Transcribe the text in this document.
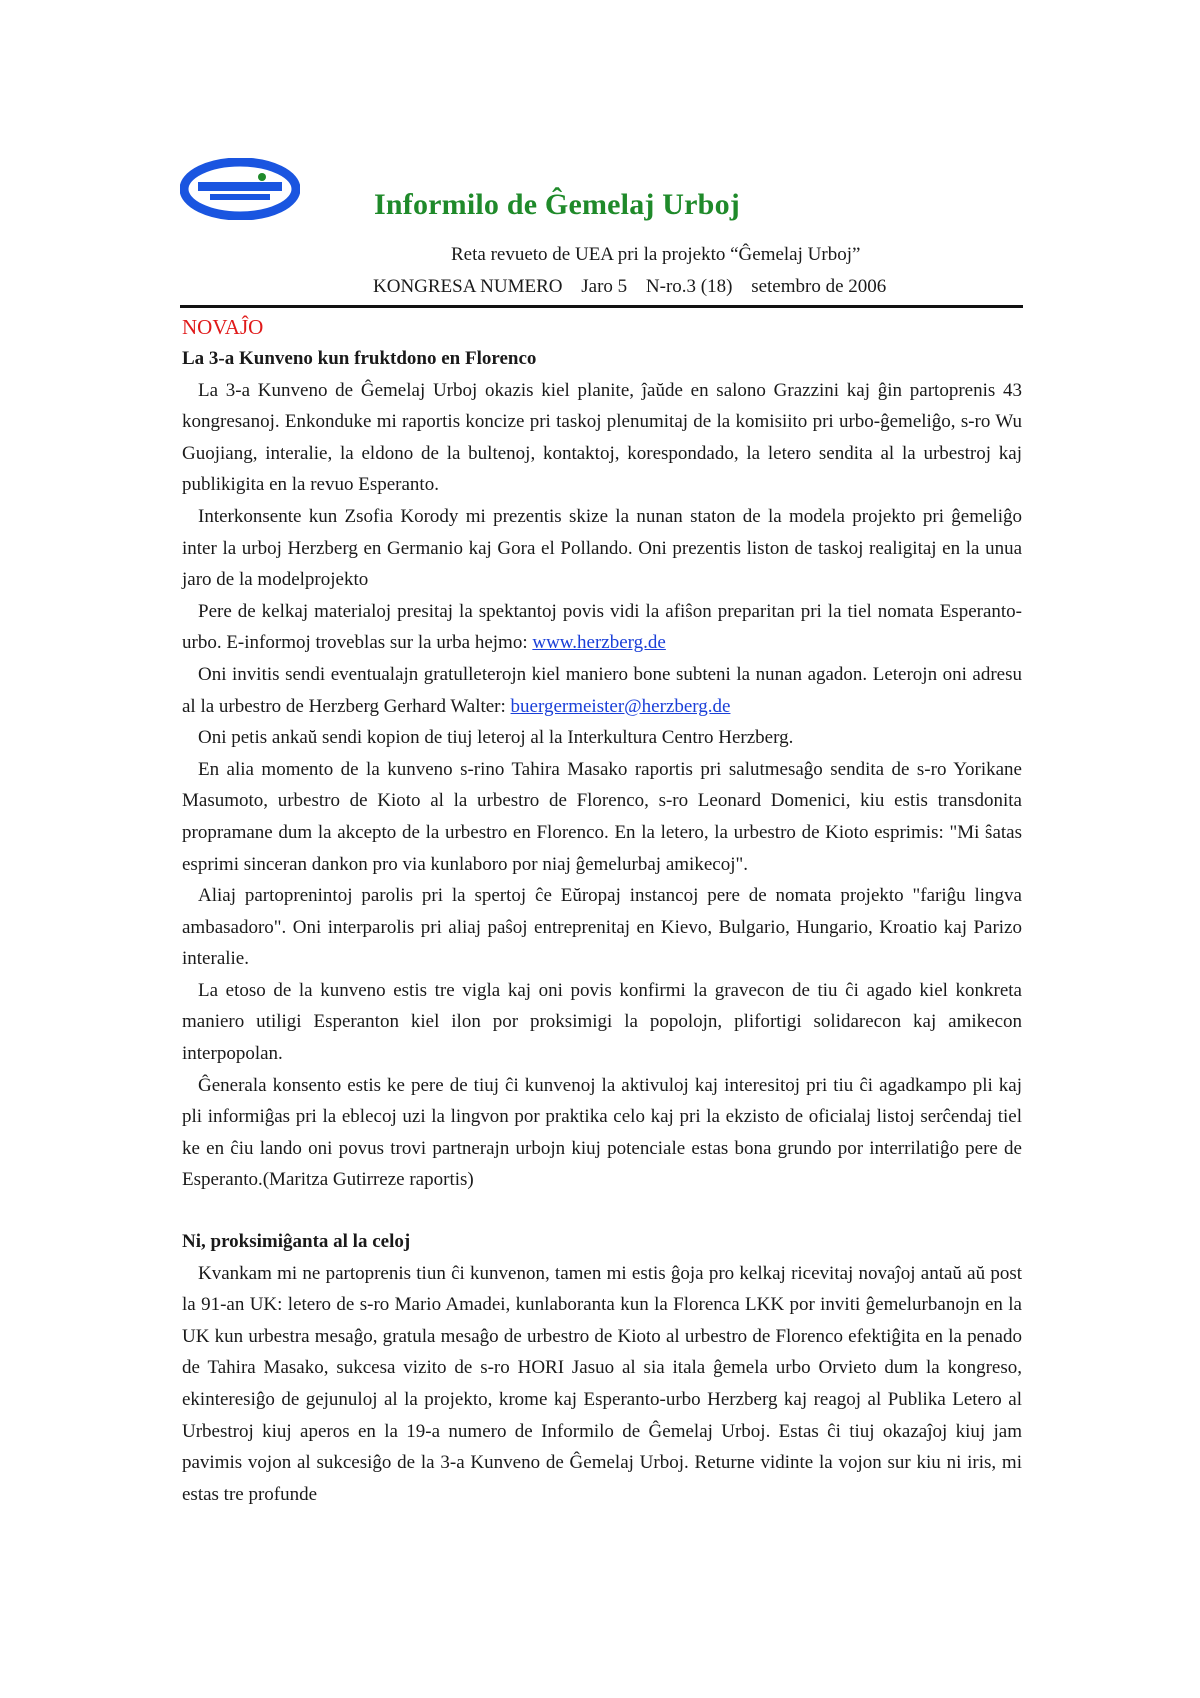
Informilo de Ĝemelaj Urboj
Reta revueto de UEA pri la projekto “Ĝemelaj Urboj”
KONGRESA NUMERO Jaro 5 N-ro.3 (18) setembro de 2006
NOVAĴO
La 3-a Kunveno kun fruktdono en Florenco

La 3-a Kunveno de Ĝemelaj Urboj okazis kiel planite, ĵaŭde en salono Grazzini kaj ĝin partoprenis 43 kongresanoj. Enkonduke mi raportis koncize pri taskoj plenumitaj de la komisiito pri urbo-ĝemeliĝo, s-ro Wu Guojiang, interalie, la eldono de la bultenoj, kontaktoj, korespondado, la letero sendita al la urbestroj kaj publikigita en la revuo Esperanto.

Interkonsente kun Zsofia Korody mi prezentis skize la nunan staton de la modela projekto pri ĝemeliĝo inter la urboj Herzberg en Germanio kaj Gora el Pollando. Oni prezentis liston de taskoj realigitaj en la unua jaro de la modelprojekto

Pere de kelkaj materialoj presitaj la spektantoj povis vidi la afiŝon preparitan pri la tiel nomata Esperanto-urbo. E-informoj troveblas sur la urba hejmo: www.herzberg.de

Oni invitis sendi eventualajn gratulleterojn kiel maniero bone subteni la nunan agadon. Leterojn oni adresu al la urbestro de Herzberg Gerhard Walter: buergermeister@herzberg.de

Oni petis ankaŭ sendi kopion de tiuj leteroj al la Interkultura Centro Herzberg.

En alia momento de la kunveno s-rino Tahira Masako raportis pri salutmesaĝo sendita de s-ro Yorikane Masumoto, urbestro de Kioto al la urbestro de Florenco, s-ro Leonard Domenici, kiu estis transdonita propramane dum la akcepto de la urbestro en Florenco. En la letero, la urbestro de Kioto esprimis: "Mi ŝatas esprimi sinceran dankon pro via kunlaboro por niaj ĝemelurbaj amikecoj".

Aliaj partoprenintoj parolis pri la spertoj ĉe Eŭropaj instancoj pere de nomata projekto "fariĝu lingva ambasadoro". Oni interparolis pri aliaj paŝoj entreprenitaj en Kievo, Bulgario, Hungario, Kroatio kaj Parizo interalie.

La etoso de la kunveno estis tre vigla kaj oni povis konfirmi la gravecon de tiu ĉi agado kiel konkreta maniero utiligi Esperanton kiel ilon por proksimigi la popolojn, plifortigi solidarecon kaj amikecon interpopolan.

Ĝenerala konsento estis ke pere de tiuj ĉi kunvenoj la aktivuloj kaj interesitoj pri tiu ĉi agadkampo pli kaj pli informiĝas pri la eblecoj uzi la lingvon por praktika celo kaj pri la ekzisto de oficialaj listoj serĉendaj tiel ke en ĉiu lando oni povus trovi partnerajn urbojn kiuj potenciale estas bona grundo por interrilatiĝo pere de Esperanto.(Maritza Gutirreze raportis)

Ni, proksimiĝanta al la celoj

Kvankam mi ne partoprenis tiun ĉi kunvenon, tamen mi estis ĝoja pro kelkaj ricevitaj novaĵoj antaŭ aŭ post la 91-an UK: letero de s-ro Mario Amadei, kunlaboranta kun la Florenca LKK por inviti ĝemelurbanojn en la UK kun urbestra mesaĝo, gratula mesaĝo de urbestro de Kioto al urbestro de Florenco efektiĝita en la penado de Tahira Masako, sukcesa vizito de s-ro HORI Jasuo al sia itala ĝemela urbo Orvieto dum la kongreso, ekinteresiĝo de gejunuloj al la projekto, krome kaj Esperanto-urbo Herzberg kaj reagoj al Publika Letero al Urbestroj kiuj aperos en la 19-a numero de Informilo de Ĝemelaj Urboj. Estas ĉi tiuj okazaĵoj kiuj jam pavimis vojon al sukcesiĝo de la 3-a Kunveno de Ĝemelaj Urboj. Returne vidinte la vojon sur kiu ni iris, mi estas tre profunde
